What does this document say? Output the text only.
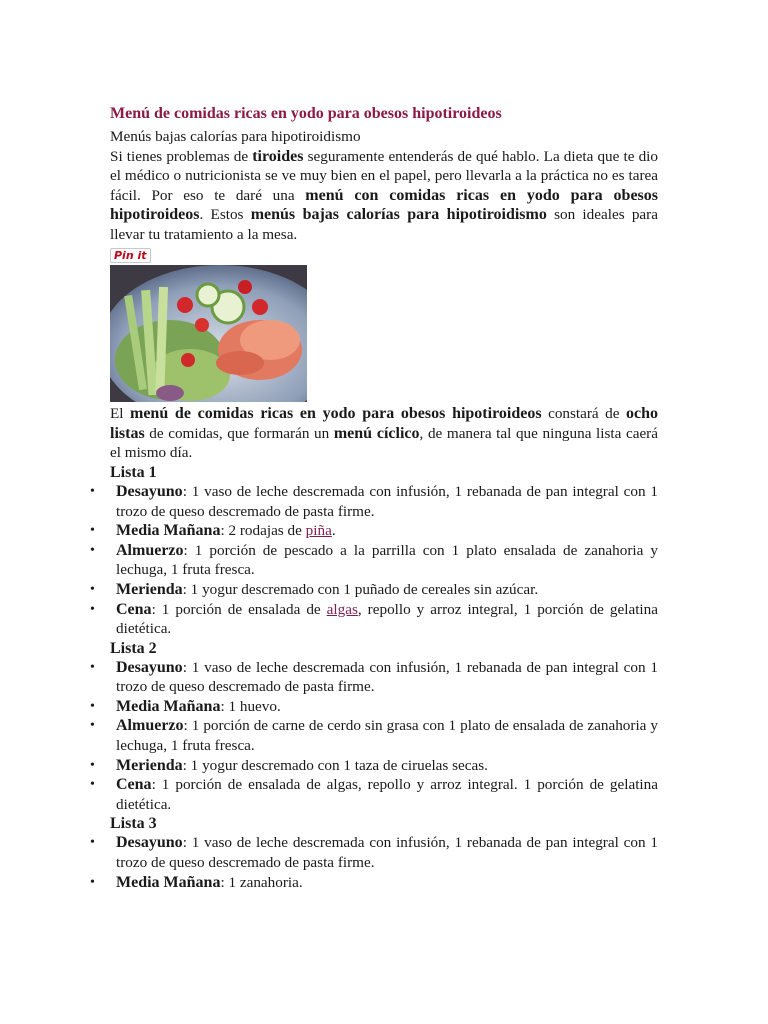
Menú de comidas ricas en yodo para obesos hipotiroideos

Menús bajas calorías para hipotiroidismo

Si tienes problemas de tiroides seguramente entenderás de qué hablo. La dieta que te dio el médico o nutricionista se ve muy bien en el papel, pero llevarla a la práctica no es tarea fácil. Por eso te daré una menú con comidas ricas en yodo para obesos hipotiroideos. Estos menús bajas calorías para hipotiroidismo son ideales para llevar tu tratamiento a la mesa.

Pin it

El menú de comidas ricas en yodo para obesos hipotiroideos constará de ocho listas de comidas, que formarán un menú cíclico, de manera tal que ninguna lista caerá el mismo día.

Lista 1
• Desayuno: 1 vaso de leche descremada con infusión, 1 rebanada de pan integral con 1 trozo de queso descremado de pasta firme.
• Media Mañana: 2 rodajas de piña.
• Almuerzo: 1 porción de pescado a la parrilla con 1 plato ensalada de zanahoria y lechuga, 1 fruta fresca.
• Merienda: 1 yogur descremado con 1 puñado de cereales sin azúcar.
• Cena: 1 porción de ensalada de algas, repollo y arroz integral, 1 porción de gelatina dietética.
Lista 2
• Desayuno: 1 vaso de leche descremada con infusión, 1 rebanada de pan integral con 1 trozo de queso descremado de pasta firme.
• Media Mañana: 1 huevo.
• Almuerzo: 1 porción de carne de cerdo sin grasa con 1 plato de ensalada de zanahoria y lechuga, 1 fruta fresca.
• Merienda: 1 yogur descremado con 1 taza de ciruelas secas.
• Cena: 1 porción de ensalada de algas, repollo y arroz integral. 1 porción de gelatina dietética.
Lista 3
• Desayuno: 1 vaso de leche descremada con infusión, 1 rebanada de pan integral con 1 trozo de queso descremado de pasta firme.
• Media Mañana: 1 zanahoria.
